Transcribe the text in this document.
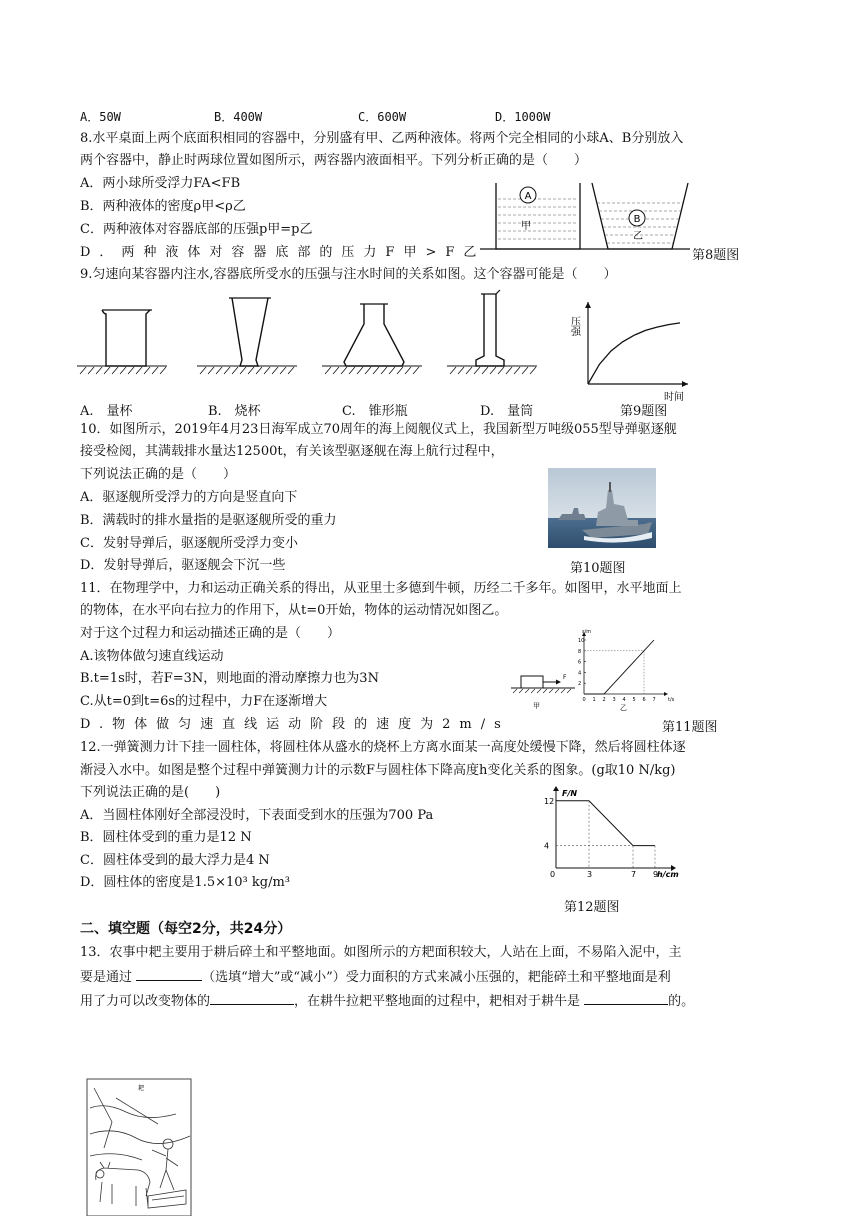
A．50W	B．400W	C．600W	D．1000W
8.水平桌面上两个底面积相同的容器中，分别盛有甲、乙两种液体。将两个完全相同的小球A、B分别放入
两个容器中，静止时两球位置如图所示，两容器内液面相平。下列分析正确的是（　　）
A．两小球所受浮力FA<FB
B．两种液体的密度ρ甲<ρ乙
C．两种液体对容器底部的压强p甲=p乙
D．两种液体对容器底部的压力F甲>F乙
A
甲
B
乙
第8题图
9.匀速向某容器内注水,容器底所受水的压强与注水时间的关系如图。这个容器可能是（　　）
压强
时间
A.　量杯	B.　烧杯	C.　锥形瓶	D.　量筒	第9题图
10．如图所示，2019年4月23日海军成立70周年的海上阅舰仪式上，我国新型万吨级055型导弹驱逐舰
接受检阅，其满载排水量达12500t，有关该型驱逐舰在海上航行过程中，
下列说法正确的是（　　）
A．驱逐舰所受浮力的方向是竖直向下
B．满载时的排水量指的是驱逐舰所受的重力
C．发射导弹后，驱逐舰所受浮力变小
D．发射导弹后，驱逐舰会下沉一些	第10题图
11．在物理学中，力和运动正确关系的得出，从亚里士多德到牛顿，历经二千多年。如图甲，水平地面上
的物体，在水平向右拉力的作用下，从t=0开始，物体的运动情况如图乙。
对于这个过程力和运动描述正确的是（　　）
A.该物体做匀速直线运动
B.t=1s时，若F=3N，则地面的滑动摩擦力也为3N
C.从t=0到t=6s的过程中，力F在逐渐增大
D.物体做匀速直线运动阶段的速度为2m/s
F
甲
s/m
t/s
10
8
6
4
2
0 1 2 3 4 5 6 7
乙
第11题图
12.一弹簧测力计下挂一圆柱体，将圆柱体从盛水的烧杯上方离水面某一高度处缓慢下降，然后将圆柱体逐
渐浸入水中。如图是整个过程中弹簧测力计的示数F与圆柱体下降高度h变化关系的图象。(g取10 N/kg)
下列说法正确的是(　　)
A．当圆柱体刚好全部浸没时，下表面受到水的压强为700 Pa
B．圆柱体受到的重力是12 N
C．圆柱体受到的最大浮力是4 N
D．圆柱体的密度是1.5×10³ kg/m³
F/N
h/cm
12
4
0	3	7 9
第12题图
二、填空题（每空2分，共24分）
13．农事中耙主要用于耕后碎土和平整地面。如图所示的方耙面积较大，人站在上面，不易陷入泥中，主
要是通过	（选填“增大”或“减小”）受力面积的方式来减小压强的，耙能碎土和平整地面是利
用了力可以改变物体的	，在耕牛拉耙平整地面的过程中，耙相对于耕牛是	的。
耙
